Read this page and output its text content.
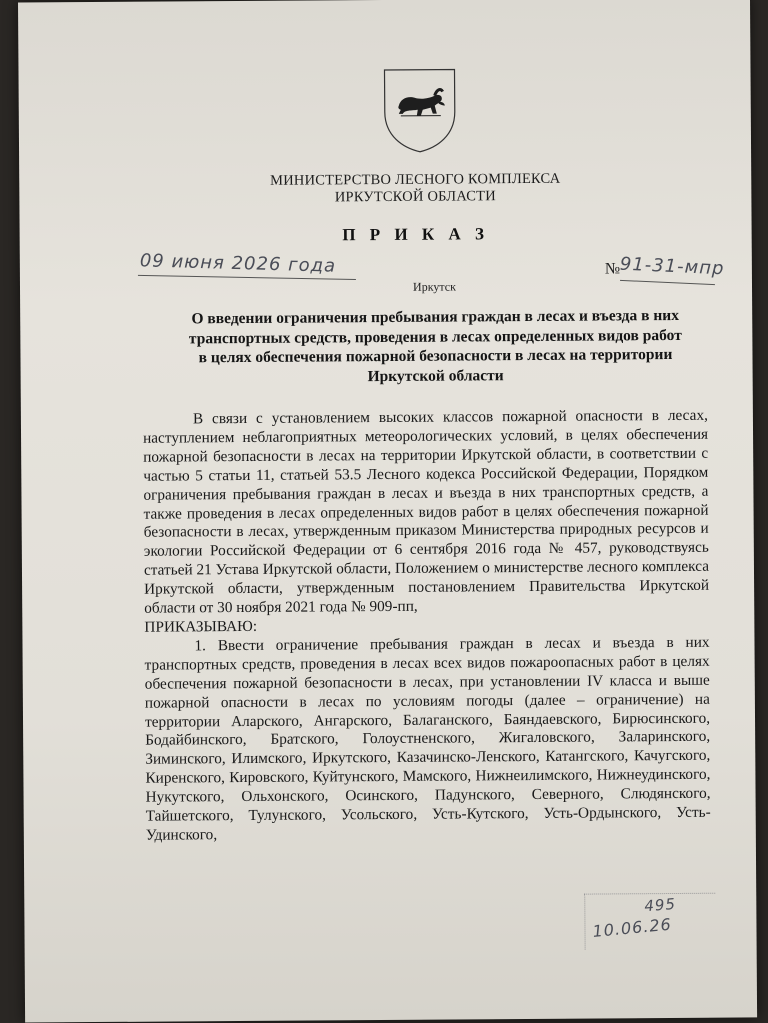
МИНИСТЕРСТВО ЛЕСНОГО КОМПЛЕКСА
ИРКУТСКОЙ ОБЛАСТИ
П Р И К А З
09 июня 2026 года
Иркутск
№ 91-31-мпр
О введении ограничения пребывания граждан в лесах и въезда в них
транспортных средств, проведения в лесах определенных видов работ
в целях обеспечения пожарной безопасности в лесах на территории
Иркутской области

В связи с установлением высоких классов пожарной опасности в лесах, наступлением неблагоприятных метеорологических условий, в целях обеспечения пожарной безопасности в лесах на территории Иркутской области, в соответствии с частью 5 статьи 11, статьей 53.5 Лесного кодекса Российской Федерации, Порядком ограничения пребывания граждан в лесах и въезда в них транспортных средств, а также проведения в лесах определенных видов работ в целях обеспечения пожарной безопасности в лесах, утвержденным приказом Министерства природных ресурсов и экологии Российской Федерации от 6 сентября 2016 года № 457, руководствуясь статьей 21 Устава Иркутской области, Положением о министерстве лесного комплекса Иркутской области, утвержденным постановлением Правительства Иркутской области от 30 ноября 2021 года № 909-пп,

ПРИКАЗЫВАЮ:

1. Ввести ограничение пребывания граждан в лесах и въезда в них транспортных средств, проведения в лесах всех видов пожароопасных работ в целях обеспечения пожарной безопасности в лесах, при установлении IV класса и выше пожарной опасности в лесах по условиям погоды (далее – ограничение) на территории Аларского, Ангарского, Балаганского, Баяндаевского, Бирюсинского, Бодайбинского, Братского, Голоустненского, Жигаловского, Заларинского, Зиминского, Илимского, Иркутского, Казачинско-Ленского, Катангского, Качугского, Киренского, Кировского, Куйтунского, Мамского, Нижнеилимского, Нижнеудинского, Нукутского, Ольхонского, Осинского, Падунского, Северного, Слюдянского, Тайшетского, Тулунского, Усольского, Усть-Кутского, Усть-Ордынского, Усть-Удинского,

495
10.06.26
